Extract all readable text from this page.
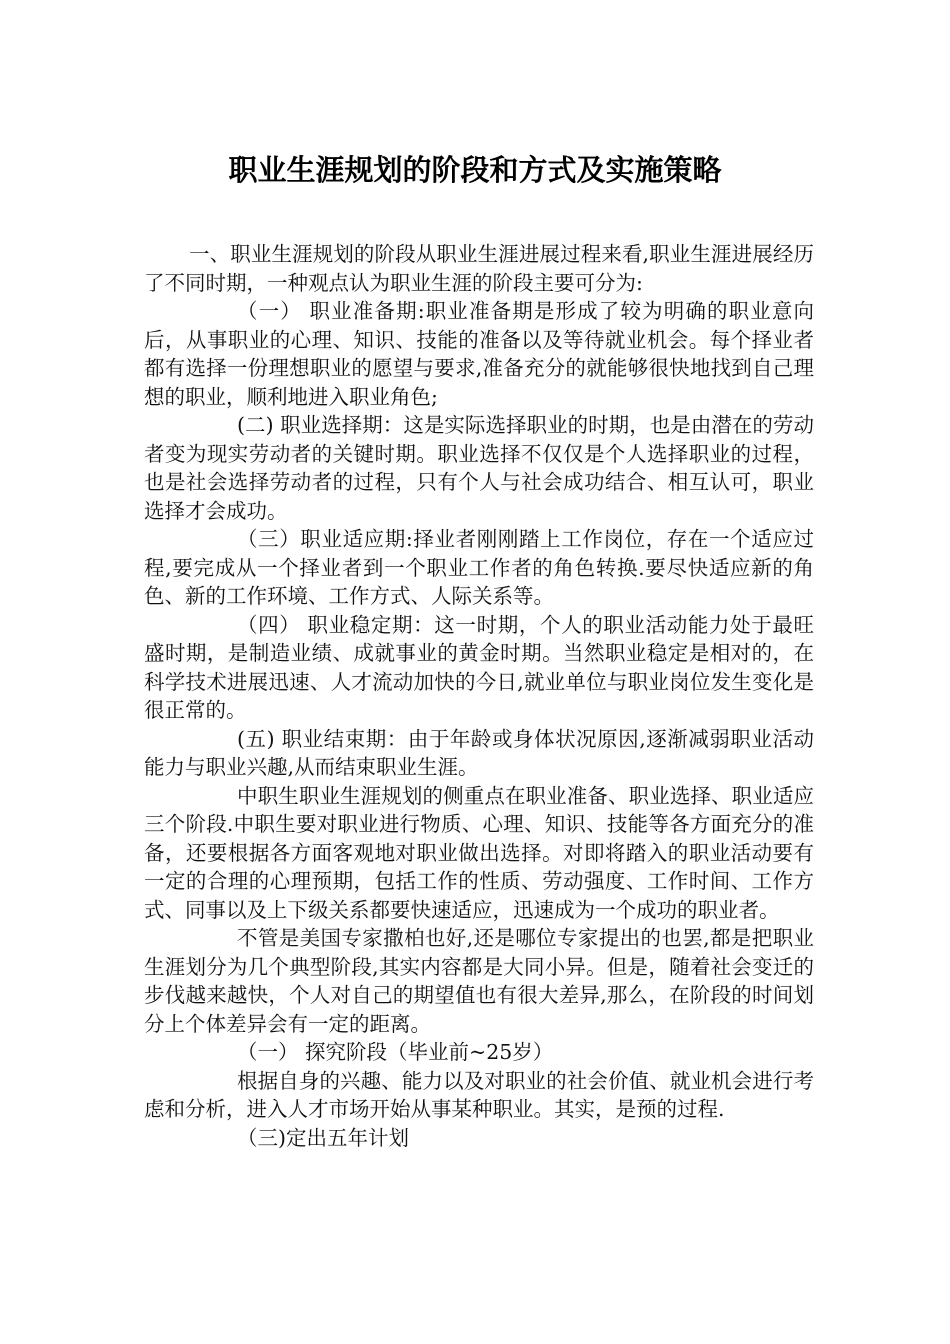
职业生涯规划的阶段和方式及实施策略

一、职业生涯规划的阶段从职业生涯进展过程来看,职业生涯进展经历了不同时期，一种观点认为职业生涯的阶段主要可分为:

（一） 职业准备期:职业准备期是形成了较为明确的职业意向后，从事职业的心理、知识、技能的准备以及等待就业机会。每个择业者都有选择一份理想职业的愿望与要求,准备充分的就能够很快地找到自己理想的职业，顺利地进入职业角色;

(二) 职业选择期：这是实际选择职业的时期，也是由潜在的劳动者变为现实劳动者的关键时期。职业选择不仅仅是个人选择职业的过程，也是社会选择劳动者的过程，只有个人与社会成功结合、相互认可，职业选择才会成功。

（三）职业适应期:择业者刚刚踏上工作岗位，存在一个适应过程,要完成从一个择业者到一个职业工作者的角色转换.要尽快适应新的角色、新的工作环境、工作方式、人际关系等。

（四） 职业稳定期：这一时期，个人的职业活动能力处于最旺盛时期，是制造业绩、成就事业的黄金时期。当然职业稳定是相对的，在科学技术进展迅速、人才流动加快的今日,就业单位与职业岗位发生变化是很正常的。

(五) 职业结束期：由于年龄或身体状况原因,逐渐减弱职业活动能力与职业兴趣,从而结束职业生涯。

中职生职业生涯规划的侧重点在职业准备、职业选择、职业适应三个阶段.中职生要对职业进行物质、心理、知识、技能等各方面充分的准备，还要根据各方面客观地对职业做出选择。对即将踏入的职业活动要有一定的合理的心理预期，包括工作的性质、劳动强度、工作时间、工作方式、同事以及上下级关系都要快速适应，迅速成为一个成功的职业者。

不管是美国专家撒柏也好,还是哪位专家提出的也罢,都是把职业生涯划分为几个典型阶段,其实内容都是大同小异。但是，随着社会变迁的步伐越来越快，个人对自己的期望值也有很大差异,那么，在阶段的时间划分上个体差异会有一定的距离。

（一） 探究阶段（毕业前~25岁）

根据自身的兴趣、能力以及对职业的社会价值、就业机会进行考虑和分析，进入人才市场开始从事某种职业。其实，是预的过程.

（三)定出五年计划
